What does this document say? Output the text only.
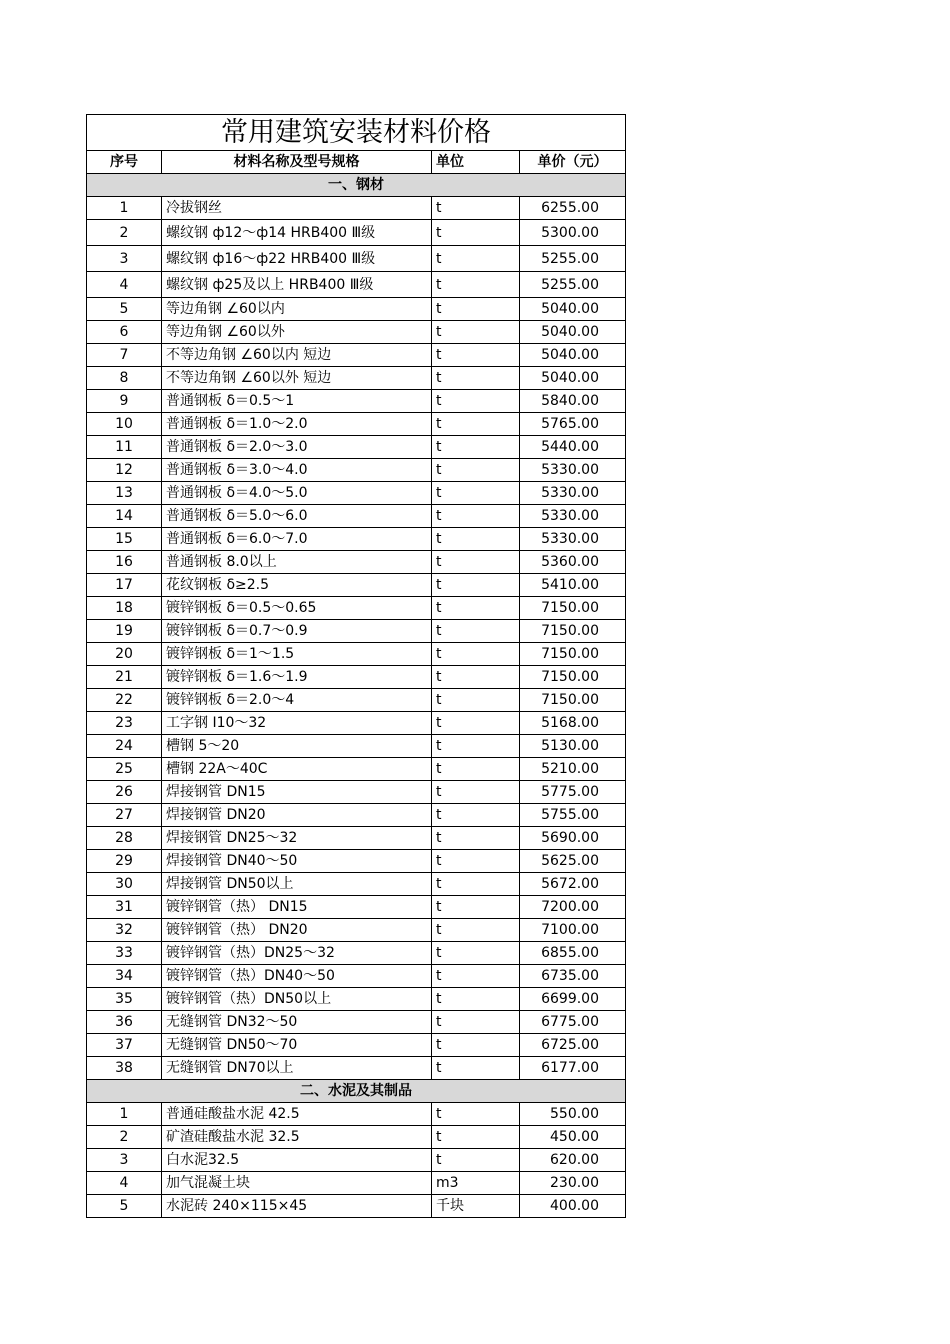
常用建筑安装材料价格			
序号	材料名称及型号规格	单位	单价（元）
一、钢材			
1	冷拔钢丝	t	6255.00
2	螺纹钢 ф12～ф14 HRB400 Ⅲ级	t	5300.00
3	螺纹钢 ф16～ф22 HRB400 Ⅲ级	t	5255.00
4	螺纹钢 ф25及以上 HRB400 Ⅲ级	t	5255.00
5	等边角钢 ∠60以内	t	5040.00
6	等边角钢 ∠60以外	t	5040.00
7	不等边角钢 ∠60以内 短边	t	5040.00
8	不等边角钢 ∠60以外 短边	t	5040.00
9	普通钢板 δ＝0.5～1	t	5840.00
10	普通钢板 δ＝1.0～2.0	t	5765.00
11	普通钢板 δ＝2.0～3.0	t	5440.00
12	普通钢板 δ＝3.0～4.0	t	5330.00
13	普通钢板 δ＝4.0～5.0	t	5330.00
14	普通钢板 δ＝5.0～6.0	t	5330.00
15	普通钢板 δ＝6.0～7.0	t	5330.00
16	普通钢板 8.0以上	t	5360.00
17	花纹钢板 δ≥2.5	t	5410.00
18	镀锌钢板 δ＝0.5～0.65	t	7150.00
19	镀锌钢板 δ＝0.7～0.9	t	7150.00
20	镀锌钢板 δ＝1～1.5	t	7150.00
21	镀锌钢板 δ＝1.6～1.9	t	7150.00
22	镀锌钢板 δ＝2.0～4	t	7150.00
23	工字钢 Ⅰ10～32	t	5168.00
24	槽钢 5～20	t	5130.00
25	槽钢 22A～40C	t	5210.00
26	焊接钢管 DN15	t	5775.00
27	焊接钢管 DN20	t	5755.00
28	焊接钢管 DN25～32	t	5690.00
29	焊接钢管 DN40～50	t	5625.00
30	焊接钢管 DN50以上	t	5672.00
31	镀锌钢管（热） DN15	t	7200.00
32	镀锌钢管（热） DN20	t	7100.00
33	镀锌钢管（热）DN25～32	t	6855.00
34	镀锌钢管（热）DN40～50	t	6735.00
35	镀锌钢管（热）DN50以上	t	6699.00
36	无缝钢管 DN32～50	t	6775.00
37	无缝钢管 DN50～70	t	6725.00
38	无缝钢管 DN70以上	t	6177.00
二、水泥及其制品			
1	普通硅酸盐水泥 42.5	t	550.00
2	矿渣硅酸盐水泥 32.5	t	450.00
3	白水泥32.5	t	620.00
4	加气混凝土块	m3	230.00
5	水泥砖 240×115×45	千块	400.00
